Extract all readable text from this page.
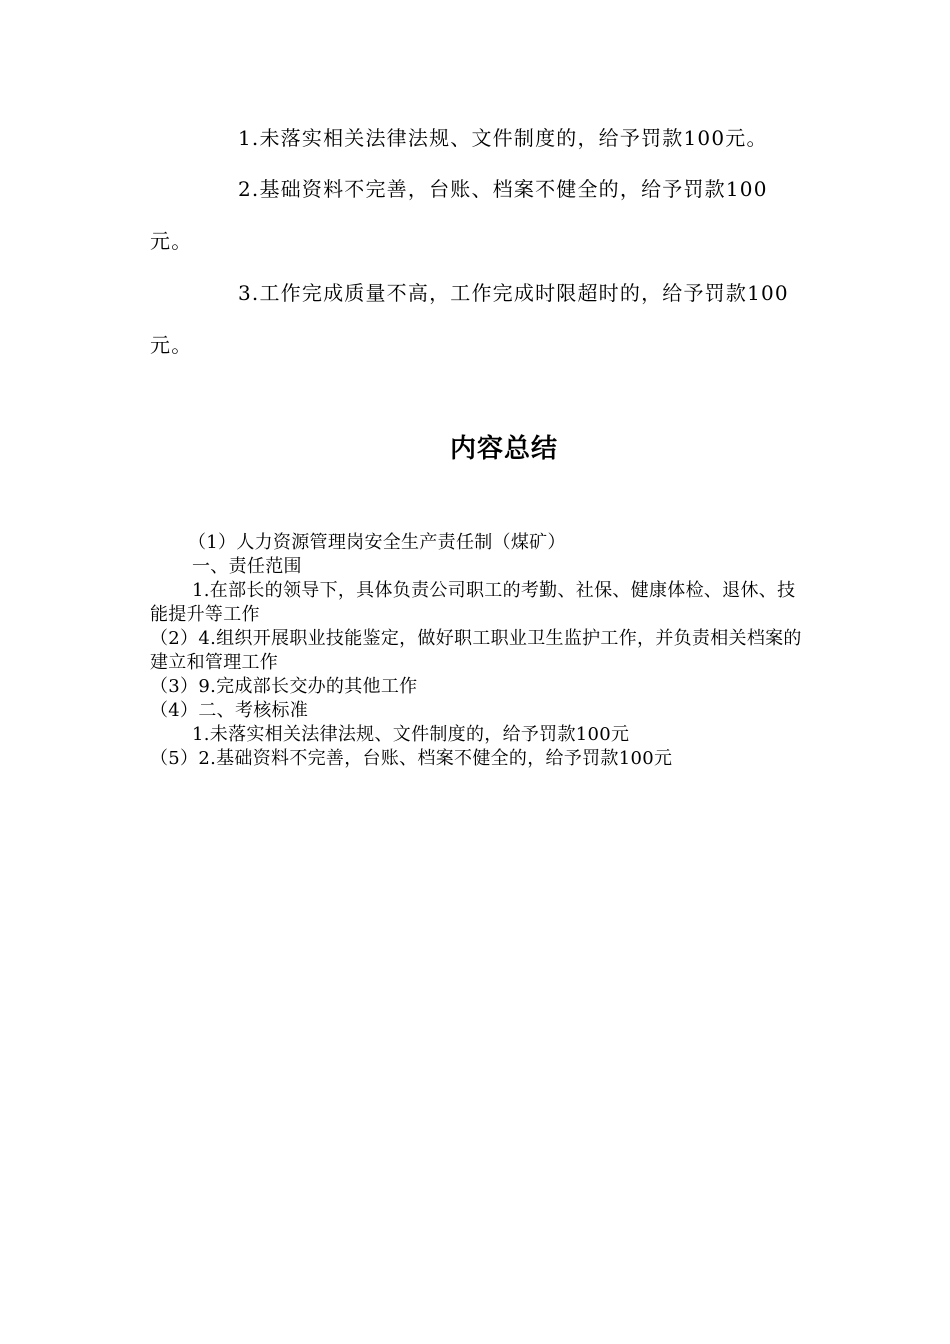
1.未落实相关法律法规、文件制度的，给予罚款100元。

2.基础资料不完善，台账、档案不健全的，给予罚款100元。

3.工作完成质量不高，工作完成时限超时的，给予罚款100元。

内容总结
（1）人力资源管理岗安全生产责任制（煤矿）
一、责任范围
1.在部长的领导下，具体负责公司职工的考勤、社保、健康体检、退休、技能提升等工作
（2）4.组织开展职业技能鉴定，做好职工职业卫生监护工作，并负责相关档案的建立和管理工作
（3）9.完成部长交办的其他工作
（4）二、考核标准
1.未落实相关法律法规、文件制度的，给予罚款100元
（5）2.基础资料不完善，台账、档案不健全的，给予罚款100元
